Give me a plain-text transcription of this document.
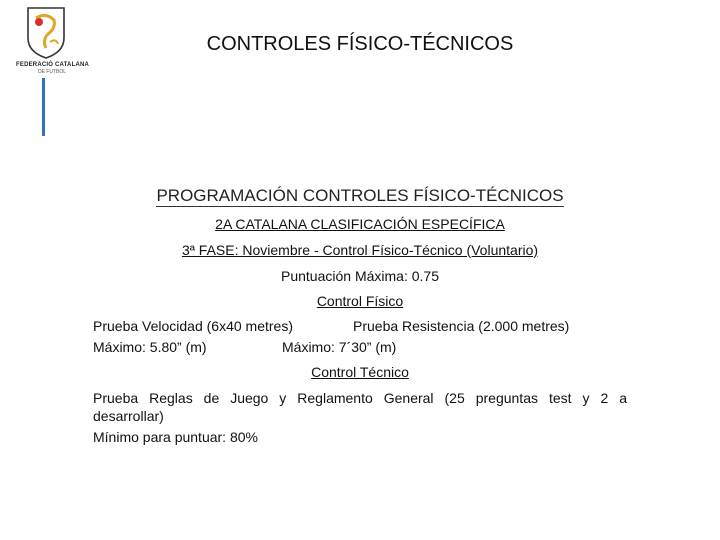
FEDERACIÓ CATALANA
DE FUTBOL
CONTROLES FÍSICO-TÉCNICOS
PROGRAMACIÓN CONTROLES FÍSICO-TÉCNICOS
2A CATALANA CLASIFICACIÓN ESPECÍFICA
3ª FASE: Noviembre - Control Físico-Técnico (Voluntario)
Puntuación Máxima: 0.75
Control Físico
Prueba Velocidad (6x40 metres)	Prueba Resistencia (2.000 metres)
Máximo: 5.80” (m)	Máximo: 7´30” (m)
Control Técnico
Prueba Reglas de Juego y Reglamento General (25 preguntas test y 2 a
desarrollar)
Mínimo para puntuar: 80%
